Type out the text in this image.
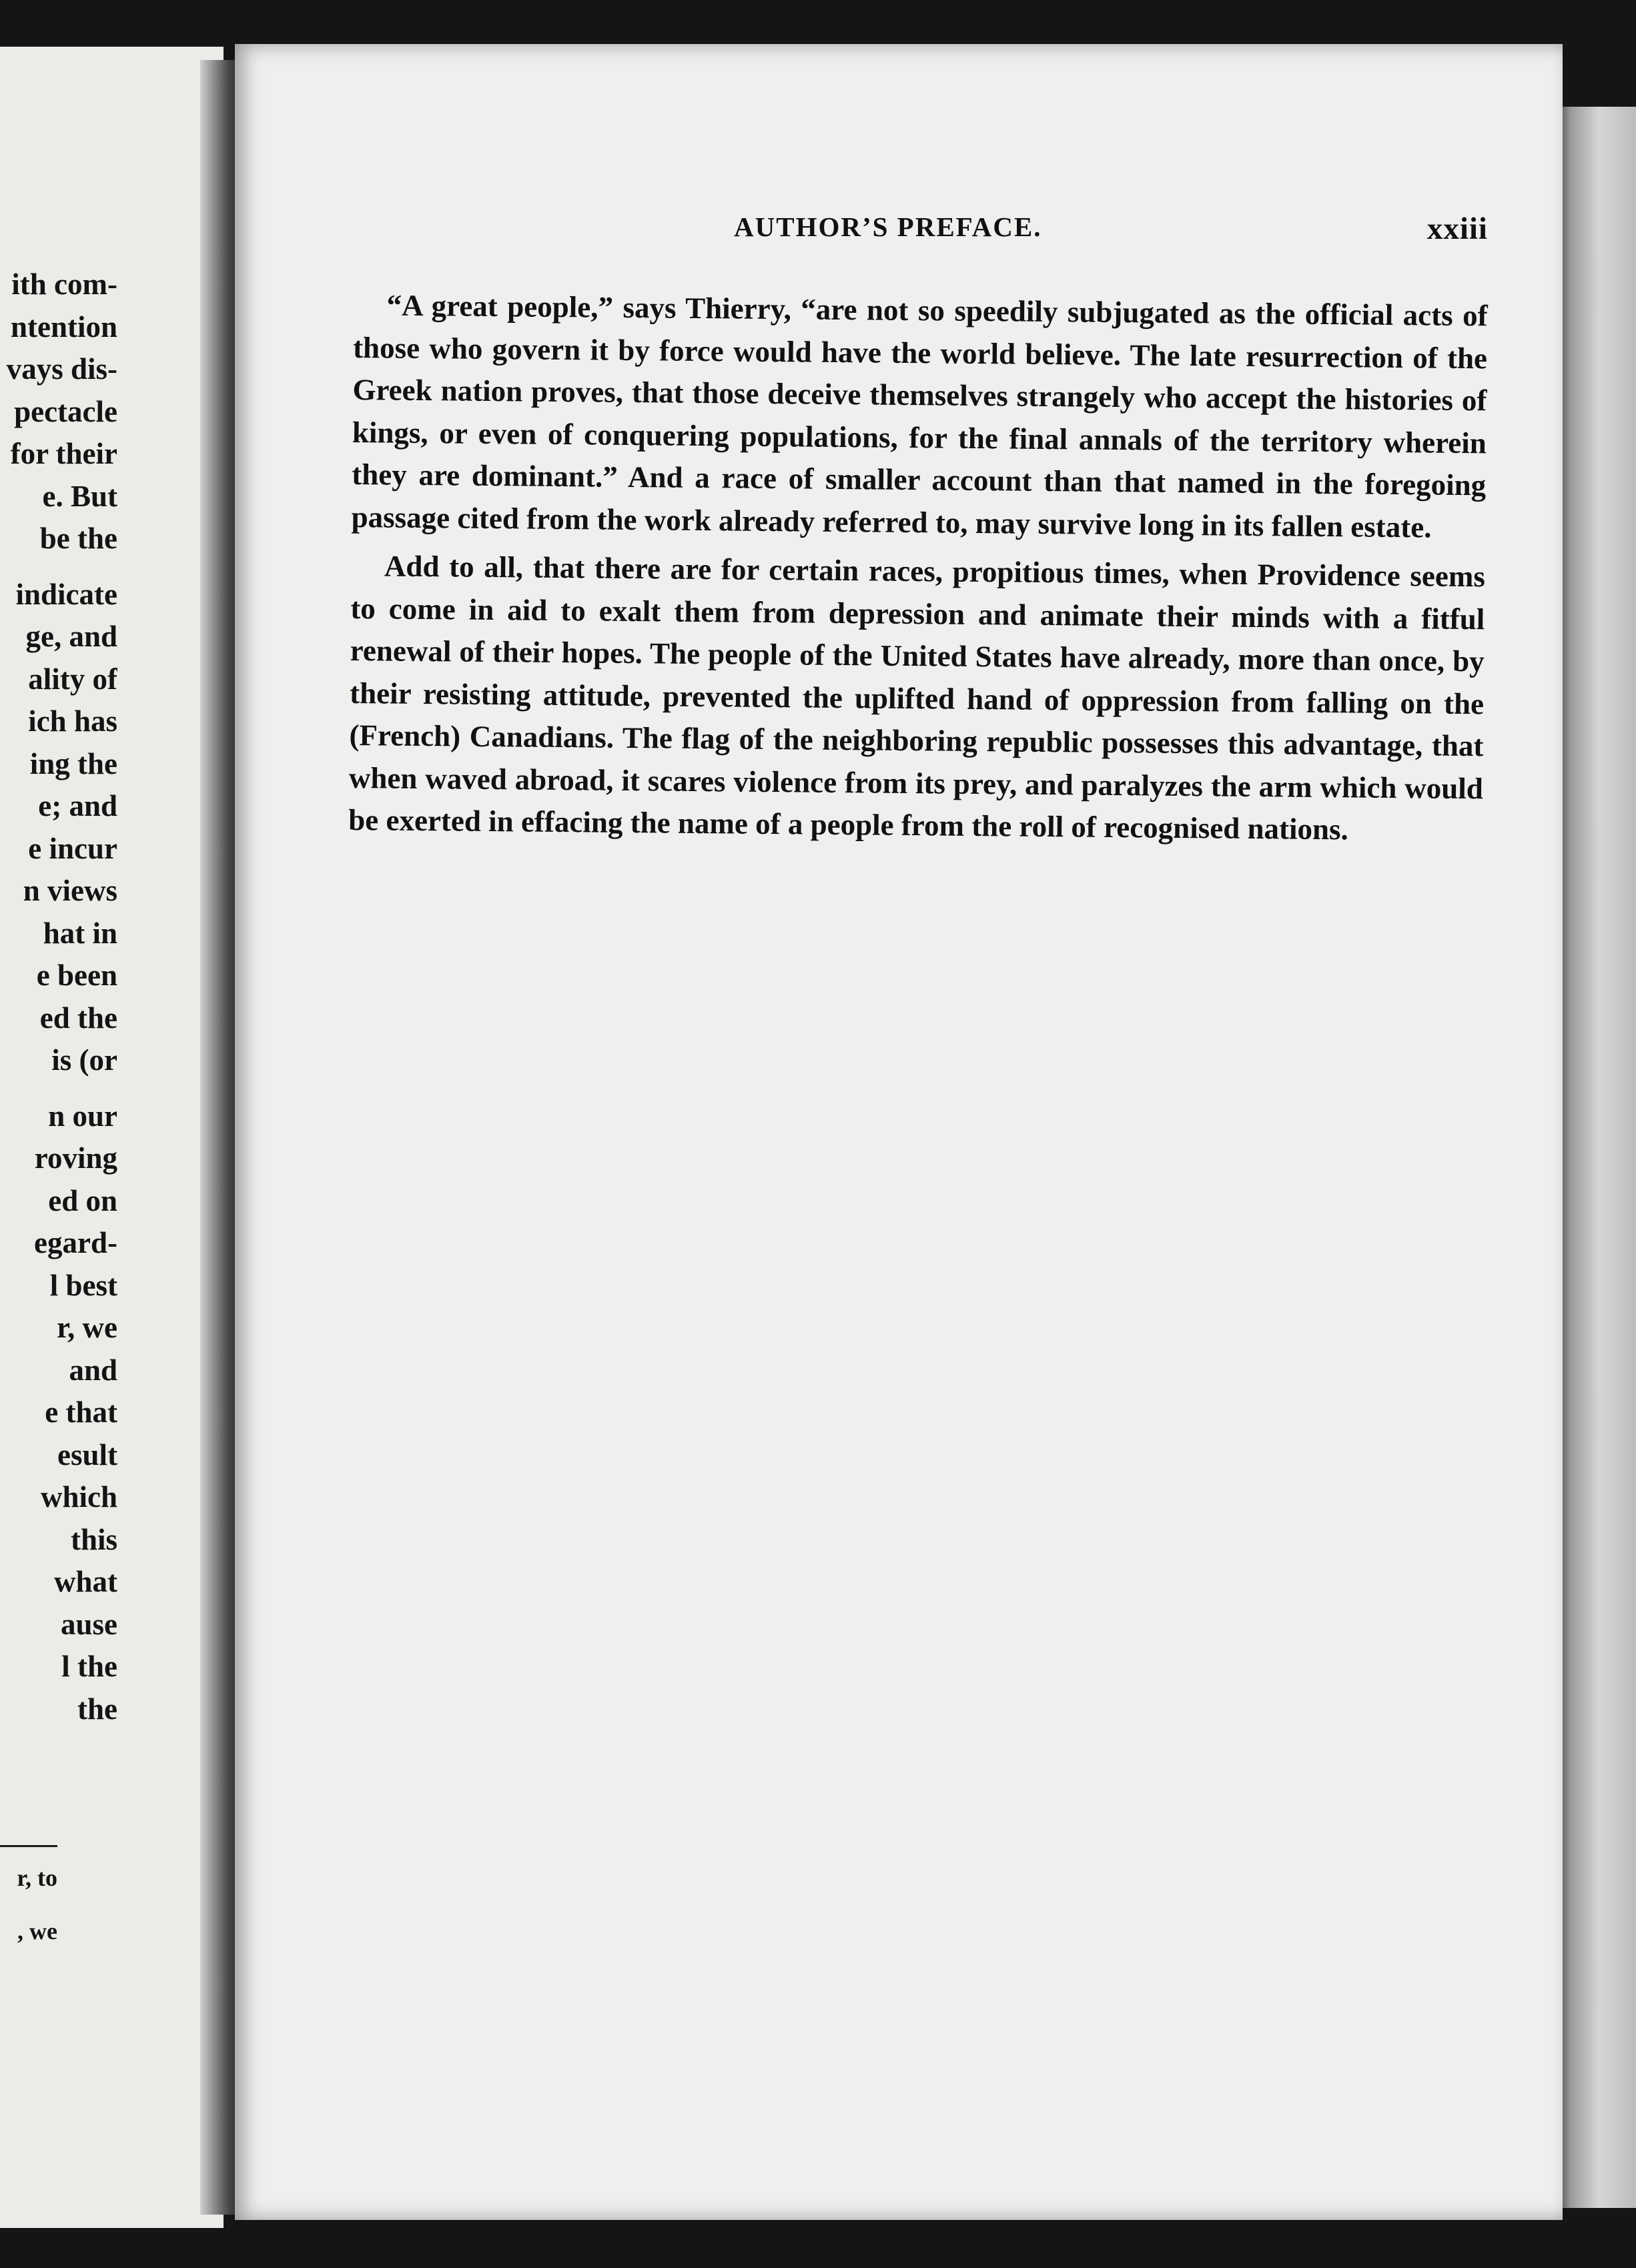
ith com-
ntention
vays dis-
pectacle
for their
e. But
be the
indicate
ge, and
ality of
ich has
ing the
e; and
e incur
n views
hat in
e been
ed the
is (or
n our
roving
ed on
egard-
l best
r, we
and
e that
esult
which
this
what
ause
l the
the
r, to
, we
AUTHOR’S PREFACE.	xxiii

“A great people,” says Thierry, “are not so speedily subjugated as the official acts of those who govern it by force would have the world believe. The late resurrection of the Greek nation proves, that those deceive themselves strangely who accept the histories of kings, or even of conquering populations, for the final annals of the territory wherein they are dominant.” And a race of smaller account than that named in the foregoing passage cited from the work already referred to, may survive long in its fallen estate.

Add to all, that there are for certain races, propitious times, when Providence seems to come in aid to exalt them from depression and animate their minds with a fitful renewal of their hopes. The people of the United States have already, more than once, by their resisting attitude, prevented the uplifted hand of oppression from falling on the (French) Canadians. The flag of the neighboring republic possesses this advantage, that when waved abroad, it scares violence from its prey, and paralyzes the arm which would be exerted in effacing the name of a people from the roll of recognised nations.
